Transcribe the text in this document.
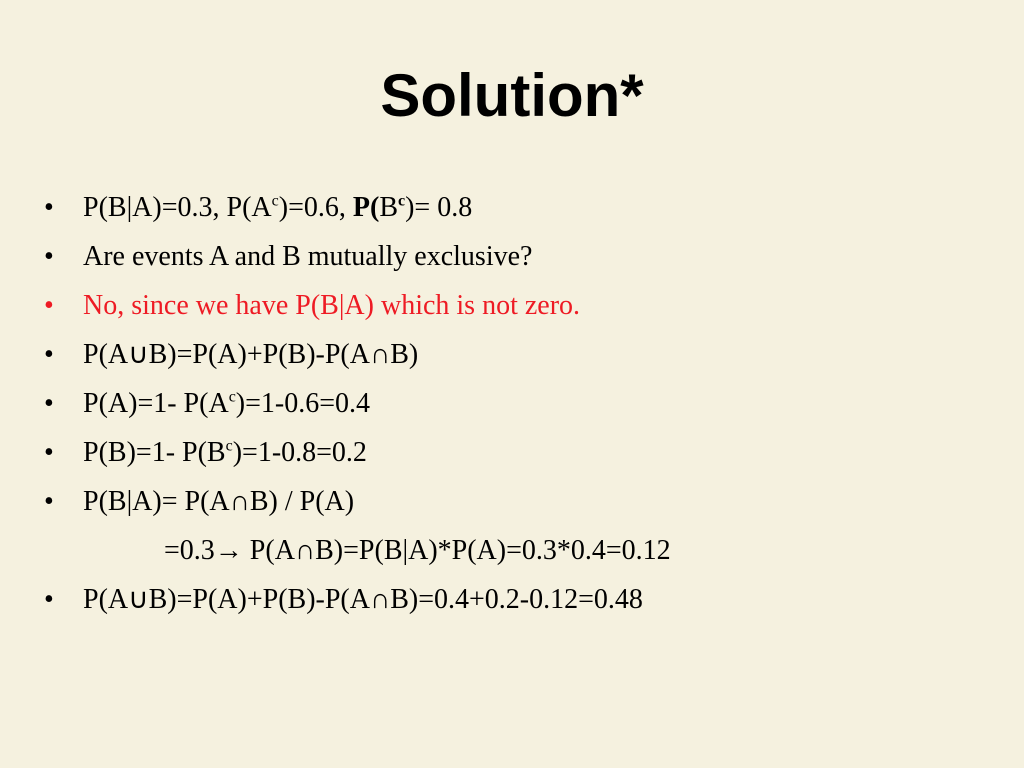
Solution*
•	P(B|A)=0.3, $P(A^c)=0.6$, $P(B^c)= 0.8$
•	Are events A and B mutually exclusive?
•	No, since we have P(B|A) which is not zero.
•	P(A∪B)=P(A)+P(B)-P(A∩B)
•	P(A)=1- $P(A^c)=1-0.6=0.4$
•	P(B)=1- $P(B^c)=1-0.8=0.2$
•	P(B|A)= P(A∩B) / P(A)
=0.3→ P(A∩B)=P(B|A)*P(A)=0.3*0.4=0.12
•	P(A∪B)=P(A)+P(B)-P(A∩B)=0.4+0.2-0.12=0.48
